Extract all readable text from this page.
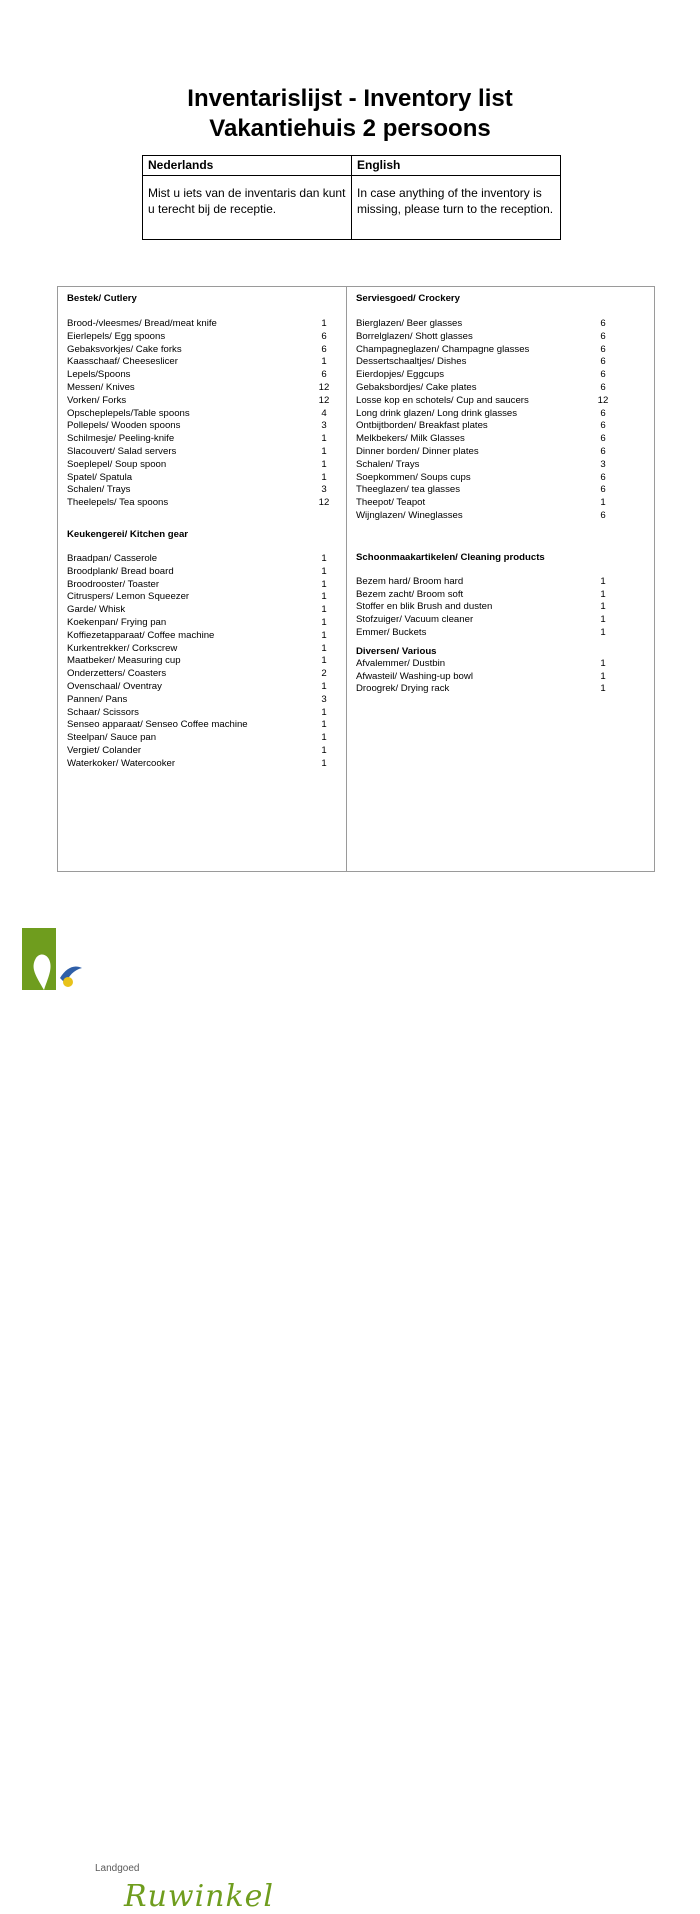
Inventarislijst - Inventory list
Vakantiehuis 2 persoons
Nederlands
Mist u iets van de inventaris dan kunt u terecht bij de receptie.
English
In case anything of the inventory is missing, please turn to the reception.
Bestek/ Cutlery
Brood-/vleesmes/ Bread/meat knife	1
Eierlepels/ Egg spoons	6
Gebaksvorkjes/ Cake forks	6
Kaasschaaf/ Cheeseslicer	1
Lepels/Spoons	6
Messen/ Knives	12
Vorken/ Forks	12
Opscheplepels/Table spoons	4
Pollepels/ Wooden spoons	3
Schilmesje/ Peeling-knife	1
Slacouvert/ Salad servers	1
Soeplepel/ Soup spoon	1
Spatel/ Spatula	1
Schalen/ Trays	3
Theelepels/ Tea spoons	12
Keukengerei/ Kitchen gear
Braadpan/ Casserole	1
Broodplank/ Bread board	1
Broodrooster/ Toaster	1
Citruspers/ Lemon Squeezer	1
Garde/ Whisk	1
Koekenpan/ Frying pan	1
Koffiezetapparaat/ Coffee machine	1
Kurkentrekker/ Corkscrew	1
Maatbeker/ Measuring cup	1
Onderzetters/ Coasters	2
Ovenschaal/ Oventray	1
Pannen/ Pans	3
Schaar/ Scissors	1
Senseo apparaat/ Senseo Coffee machine	1
Steelpan/ Sauce pan	1
Vergiet/ Colander	1
Waterkoker/ Watercooker	1
Serviesgoed/ Crockery
Bierglazen/ Beer glasses	6
Borrelglazen/ Shott glasses	6
Champagneglazen/ Champagne glasses	6
Dessertschaaltjes/ Dishes	6
Eierdopjes/ Eggcups	6
Gebaksbordjes/ Cake plates	6
Losse kop en schotels/ Cup and saucers	12
Long drink glazen/ Long drink glasses	6
Ontbijtborden/ Breakfast plates	6
Melkbekers/ Milk Glasses	6
Dinner borden/ Dinner plates	6
Schalen/ Trays	3
Soepkommen/ Soups cups	6
Theeglazen/ tea glasses	6
Theepot/ Teapot	1
Wijnglazen/ Wineglasses	6
Schoonmaakartikelen/ Cleaning products
Bezem hard/ Broom hard	1
Bezem zacht/ Broom soft	1
Stoffer en blik Brush and dusten	1
Stofzuiger/ Vacuum cleaner	1
Emmer/ Buckets	1
Diversen/ Various
Afvalemmer/ Dustbin	1
Afwasteil/ Washing-up bowl	1
Droogrek/ Drying rack	1
Landgoed
Ruwinkel
